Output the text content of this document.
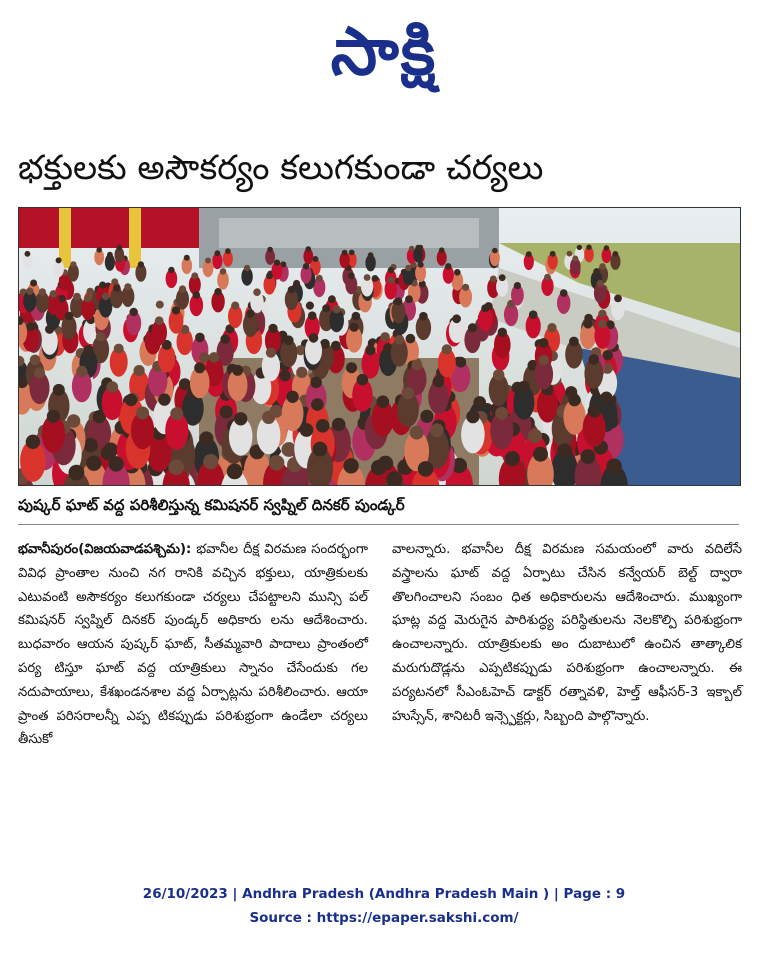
సాక్షి
భక్తులకు అసౌకర్యం కలుగకుండా చర్యలు
పుష్కర్ ఘాట్ వద్ద పరిశీలిస్తున్న కమిషనర్ స్వప్నిల్ దినకర్ పుండ్కర్

భవానీపురం(విజయవాడపశ్చిమ): భవానీల దీక్ష విరమణ సందర్భంగా వివిధ ప్రాంతాల నుంచి నగ రానికి వచ్చిన భక్తులు, యాత్రికులకు ఎటువంటి అసౌకర్యం కలుగకుండా చర్యలు చేపట్టాలని మున్సి పల్ కమిషనర్ స్వప్నిల్ దినకర్ పుండ్కర్ అధికారు లను ఆదేశించారు. బుధవారం ఆయన పుష్కర్ ఘాట్, సీతమ్మవారి పాదాలు ప్రాంతంలో పర్య టిస్తూ ఘాట్ వద్ద యాత్రికులు స్నానం చేసేందుకు గల నదుపాయాలు, కేశఖండనశాల వద్ద ఏర్పాట్లను పరిశీలించారు. ఆయా ప్రాంత పరిసరాలన్నీ ఎప్ప టికప్పుడు పరిశుభ్రంగా ఉండేలా చర్యలు తీసుకో

వాలన్నారు. భవానీల దీక్ష విరమణ సమయంలో వారు వదిలేసే వస్త్రాలను ఘాట్ వద్ద ఏర్పాటు చేసిన కన్వేయర్ బెల్ట్ ద్వారా తొలగించాలని సంబం ధిత అధికారులను ఆదేశించారు. ముఖ్యంగా ఘాట్ల వద్ద మెరుగైన పారిశుద్ధ్య పరిస్థితులను నెలకొల్పి పరిశుభ్రంగా ఉంచాలన్నారు. యాత్రికులకు అం దుబాటులో ఉంచిన తాత్కాలిక మరుగుదొడ్లను ఎప్పటికప్పుడు పరిశుభ్రంగా ఉంచాలన్నారు. ఈ పర్యటనలో సీఎంఓహెచ్ డాక్టర్ రత్నావళి, హెల్త్ ఆఫీసర్-3 ఇక్బాల్ హుస్సేన్, శానిటరీ ఇన్స్పెక్టర్లు, సిబ్బంది పాల్గొన్నారు.

26/10/2023 | Andhra Pradesh (Andhra Pradesh Main ) | Page : 9
Source : https://epaper.sakshi.com/
